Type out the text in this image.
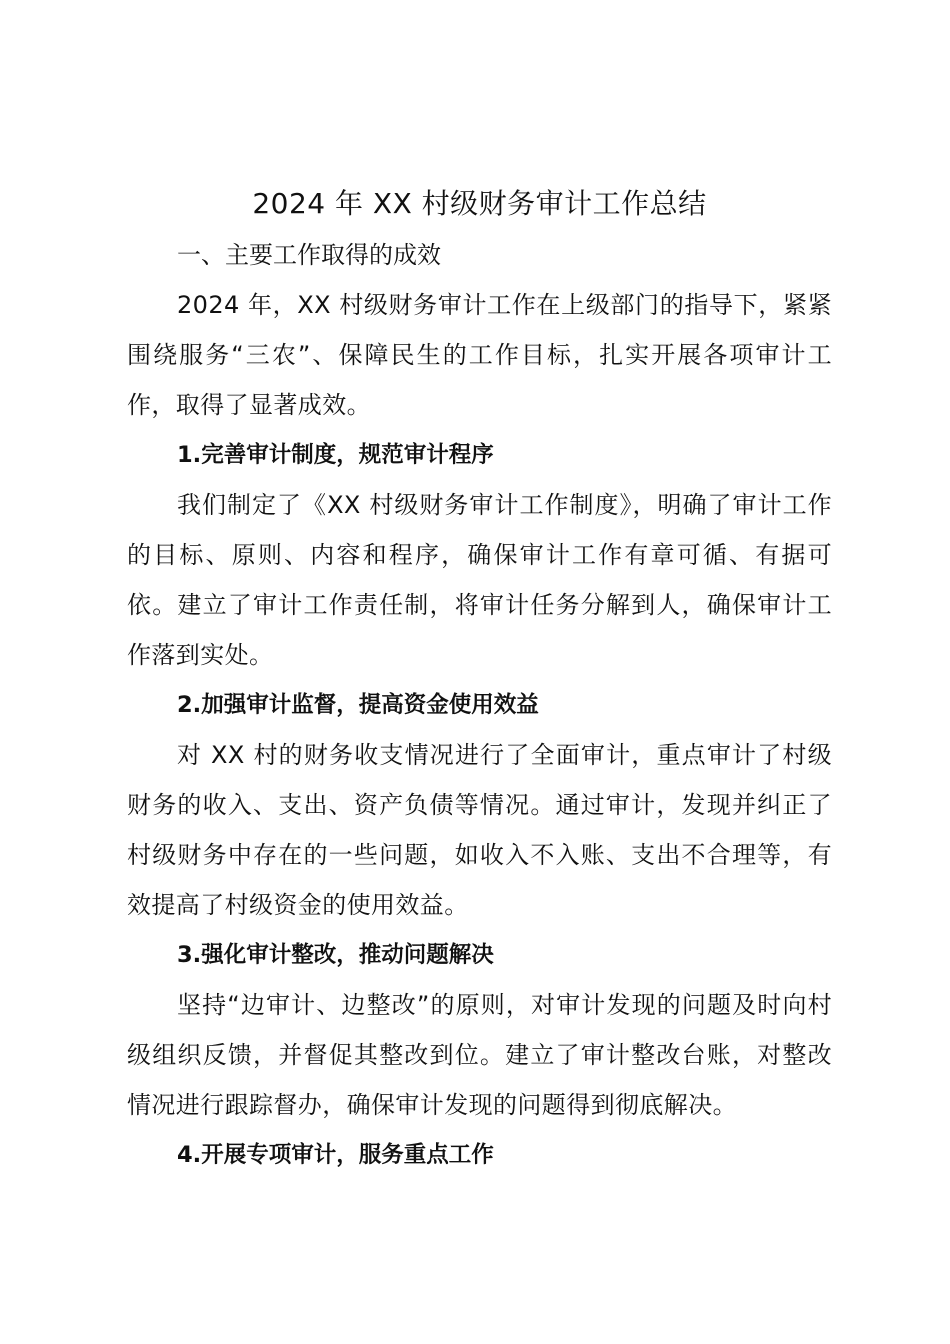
2024 年 XX 村级财务审计工作总结

一、主要工作取得的成效

2024 年，XX 村级财务审计工作在上级部门的指导下，紧紧围绕服务“三农”、保障民生的工作目标，扎实开展各项审计工作，取得了显著成效。

1.完善审计制度，规范审计程序

我们制定了《XX 村级财务审计工作制度》，明确了审计工作的目标、原则、内容和程序，确保审计工作有章可循、有据可依。建立了审计工作责任制，将审计任务分解到人，确保审计工作落到实处。

2.加强审计监督，提高资金使用效益

对 XX 村的财务收支情况进行了全面审计，重点审计了村级财务的收入、支出、资产负债等情况。通过审计，发现并纠正了村级财务中存在的一些问题，如收入不入账、支出不合理等，有效提高了村级资金的使用效益。

3.强化审计整改，推动问题解决

坚持“边审计、边整改”的原则，对审计发现的问题及时向村级组织反馈，并督促其整改到位。建立了审计整改台账，对整改情况进行跟踪督办，确保审计发现的问题得到彻底解决。

4.开展专项审计，服务重点工作
